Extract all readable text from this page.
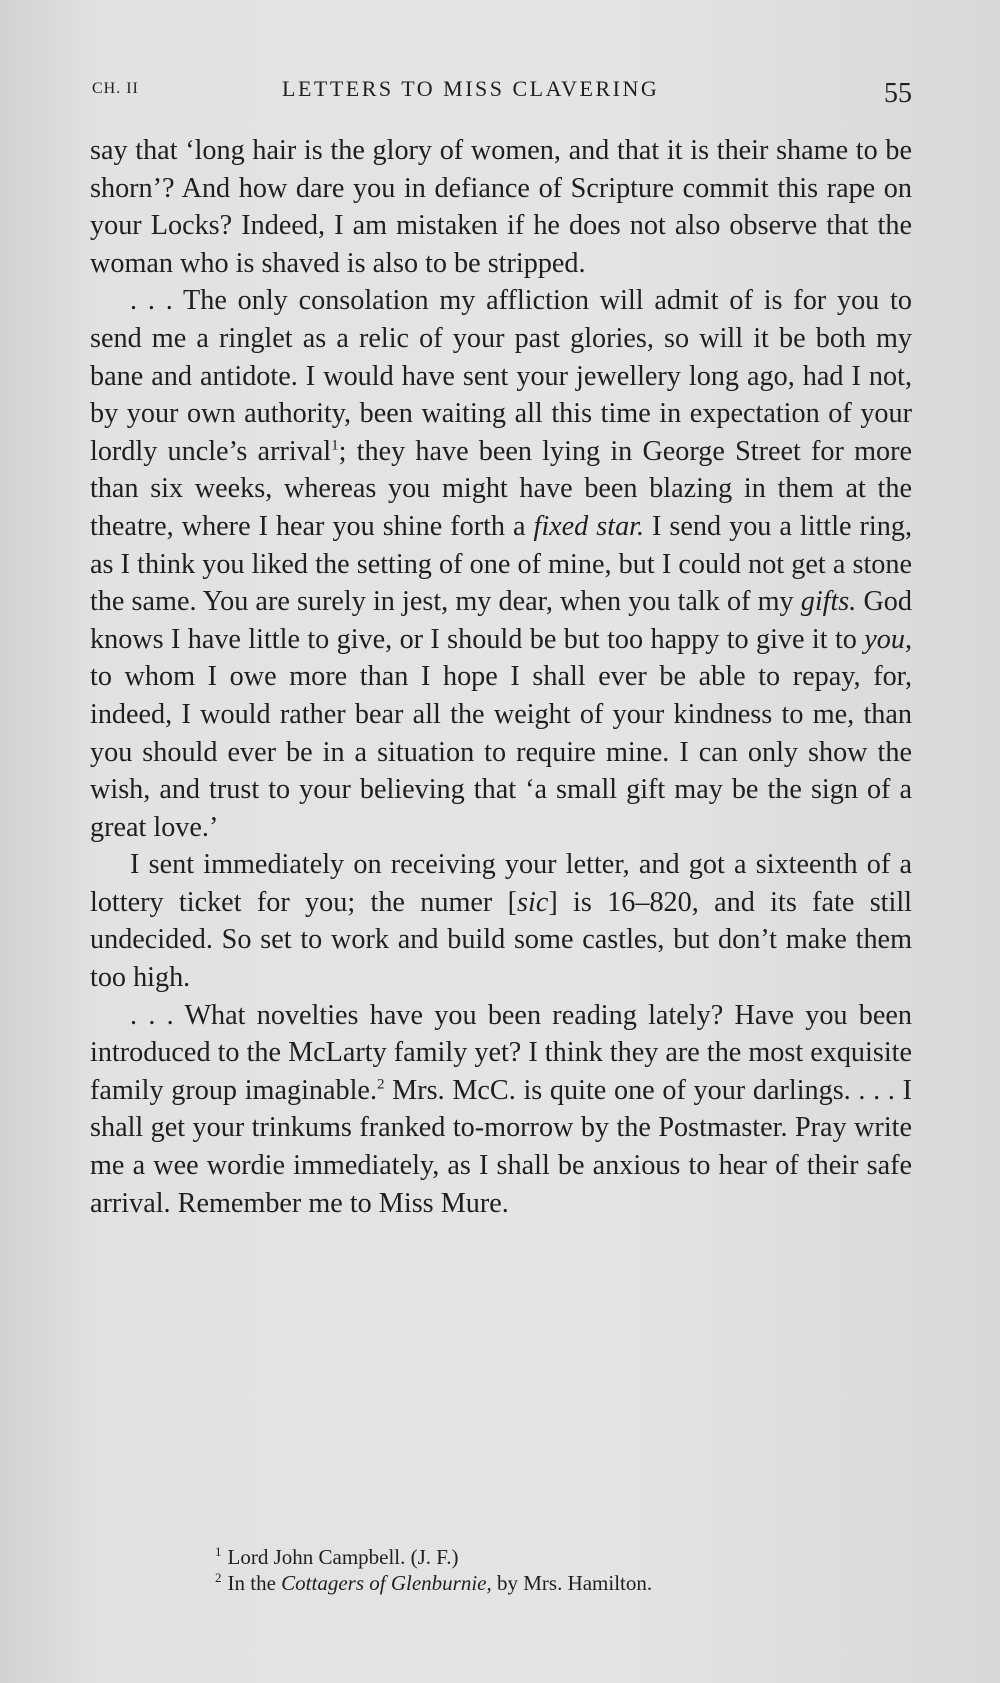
CH. II	LETTERS TO MISS CLAVERING	55

say that ‘long hair is the glory of women, and that it is their shame to be shorn’? And how dare you in defiance of Scripture commit this rape on your Locks? Indeed, I am mistaken if he does not also observe that the woman who is shaved is also to be stripped.

. . . The only consolation my affliction will admit of is for you to send me a ringlet as a relic of your past glories, so will it be both my bane and antidote. I would have sent your jewellery long ago, had I not, by your own authority, been waiting all this time in expectation of your lordly uncle’s arrival$^1$; they have been lying in George Street for more than six weeks, whereas you might have been blazing in them at the theatre, where I hear you shine forth a fixed star. I send you a little ring, as I think you liked the setting of one of mine, but I could not get a stone the same. You are surely in jest, my dear, when you talk of my gifts. God knows I have little to give, or I should be but too happy to give it to you, to whom I owe more than I hope I shall ever be able to repay, for, indeed, I would rather bear all the weight of your kindness to me, than you should ever be in a situation to require mine. I can only show the wish, and trust to your believing that ‘a small gift may be the sign of a great love.’

I sent immediately on receiving your letter, and got a sixteenth of a lottery ticket for you; the numer [sic] is 16–820, and its fate still undecided. So set to work and build some castles, but don’t make them too high.

. . . What novelties have you been reading lately? Have you been introduced to the McLarty family yet? I think they are the most exquisite family group imaginable.$^2$ Mrs. McC. is quite one of your darlings. . . . I shall get your trinkums franked to-morrow by the Postmaster. Pray write me a wee wordie immediately, as I shall be anxious to hear of their safe arrival. Remember me to Miss Mure.

$^1$ Lord John Campbell. (J. F.)
$^2$ In the Cottagers of Glenburnie, by Mrs. Hamilton.
